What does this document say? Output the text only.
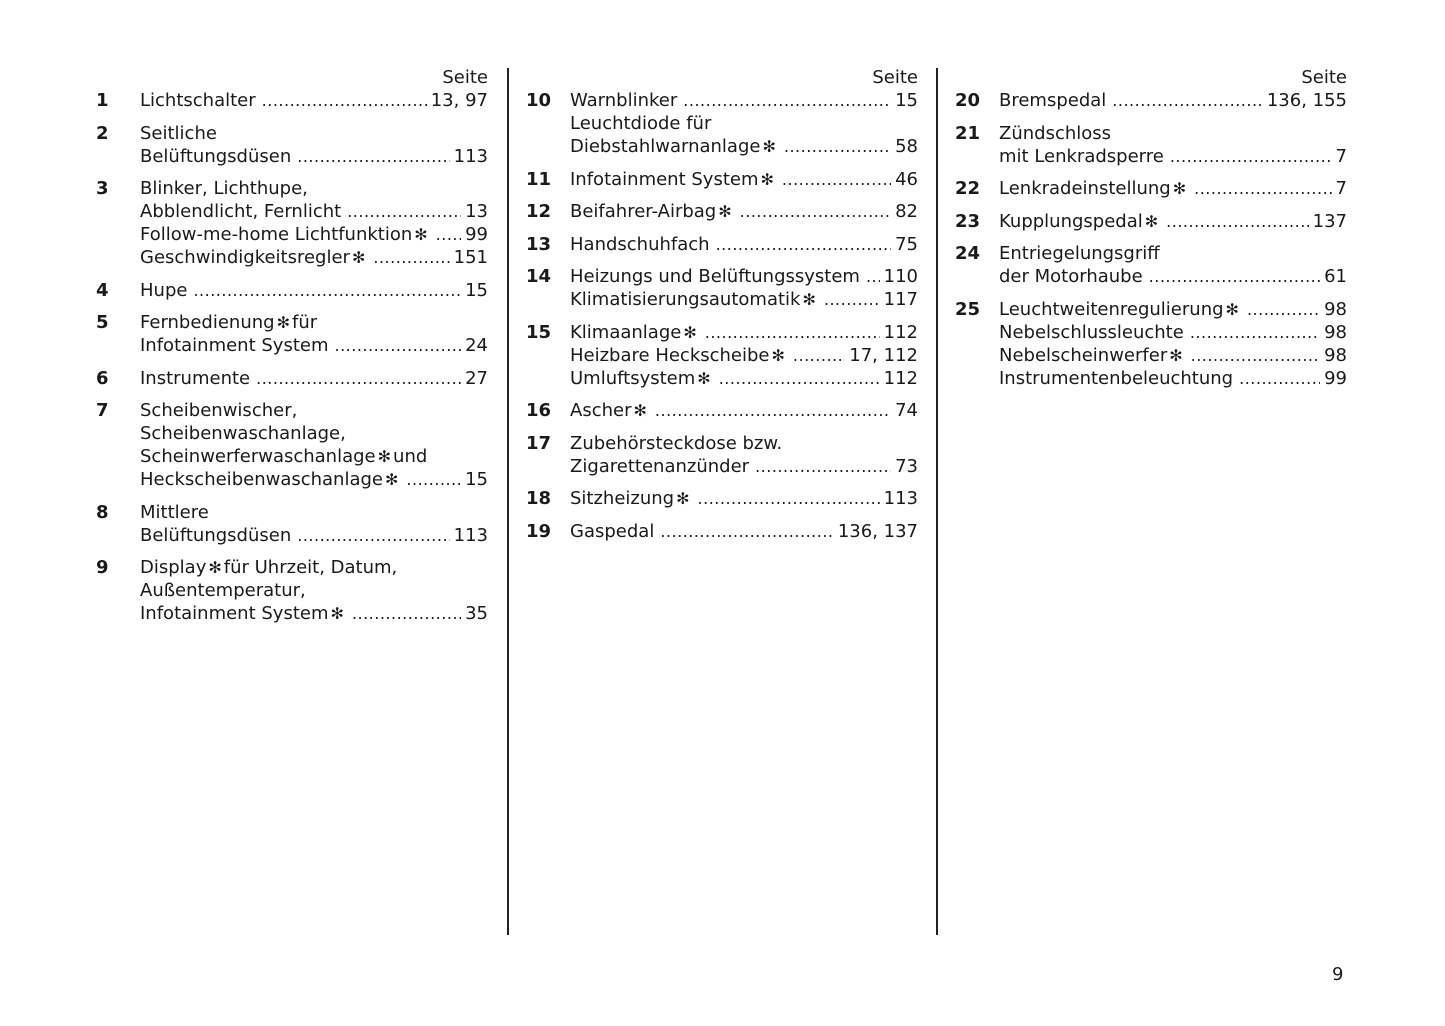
Seite
1	Lichtschalter .....	13, 97
2	Seitliche
Belüftungsdüsen .....	113
3	Blinker, Lichthupe,
Abblendlicht, Fernlicht .....	13
Follow-me-home Lichtfunktion ✻ ..... 99
Geschwindigkeitsregler ✻ .....	151
4	Hupe .....	15
5	Fernbedienung ✻ für
Infotainment System .....	24
6	Instrumente .....	27
7	Scheibenwischer,
Scheibenwaschanlage,
Scheinwerferwaschanlage ✻ und
Heckscheibenwaschanlage ✻ .....	15
8	Mittlere
Belüftungsdüsen .....	113
9	Display ✻ für Uhrzeit, Datum,
Außentemperatur,
Infotainment System ✻ .....	35
Seite
10	Warnblinker .....	15
Leuchtdiode für
Diebstahlwarnanlage ✻ .....	58
11	Infotainment System ✻ .....	46
12	Beifahrer-Airbag ✻ .....	82
13	Handschuhfach .....	75
14	Heizungs und Belüftungssystem ..... 110
Klimatisierungsautomatik ✻ .....	117
15	Klimaanlage ✻ .....	112
Heizbare Heckscheibe ✻ .....	17, 112
Umluftsystem ✻ .....	112
16	Ascher ✻ .....	74
17	Zubehörsteckdose bzw.
Zigarettenanzünder .....	73
18	Sitzheizung ✻ .....	113
19	Gaspedal .....	136, 137
Seite
20	Bremspedal .....	136, 155
21	Zündschloss
mit Lenkradsperre .....	7
22	Lenkradeinstellung ✻ .....	7
23	Kupplungspedal ✻ .....	137
24	Entriegelungsgriff
der Motorhaube .....	61
25	Leuchtweitenregulierung ✻ .....	98
Nebelschlussleuchte .....	98
Nebelscheinwerfer ✻ .....	98
Instrumentenbeleuchtung .....	99
9
